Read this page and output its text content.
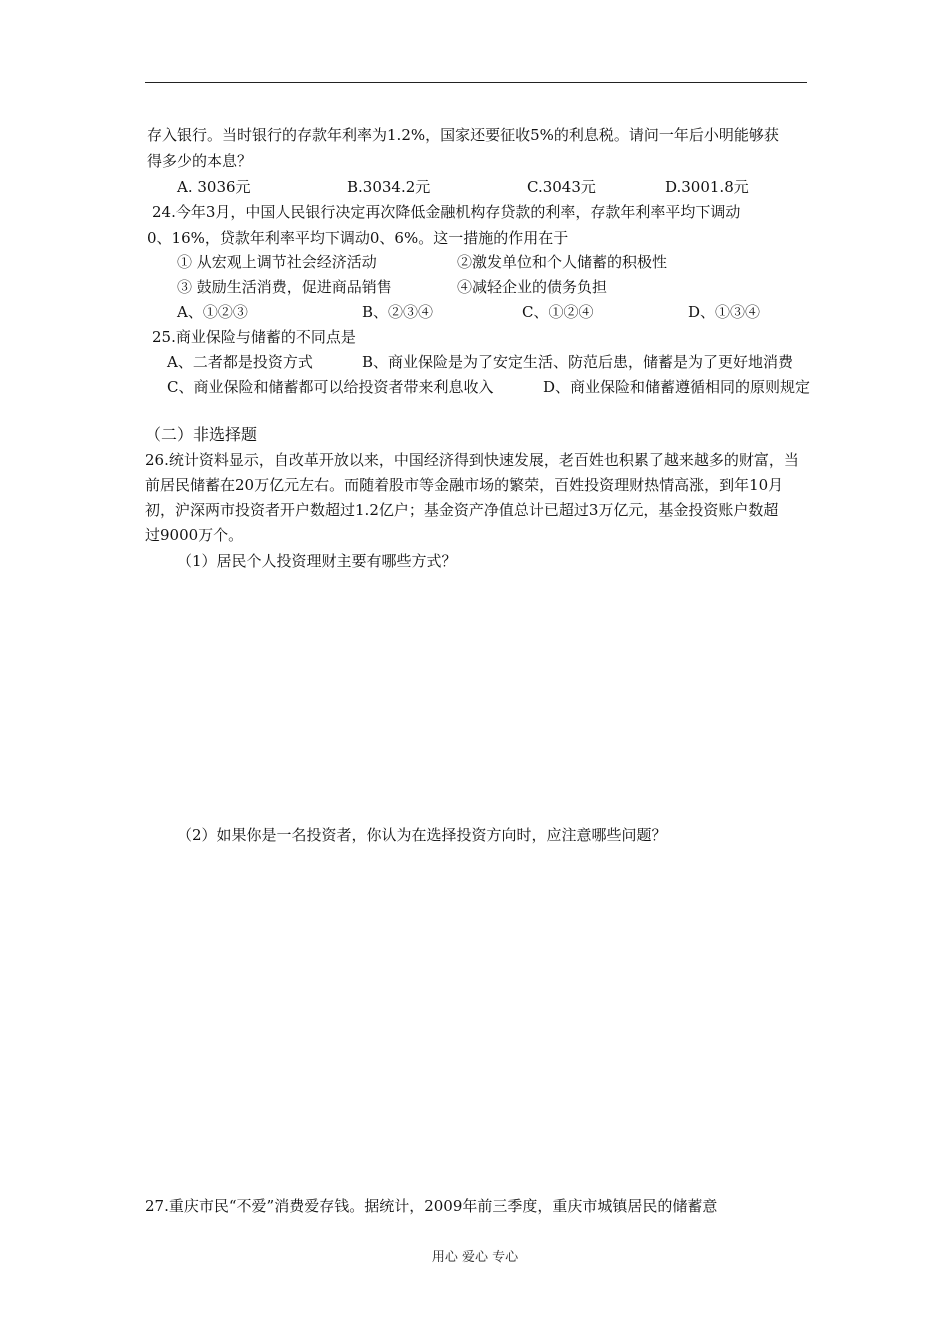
存入银行。当时银行的存款年利率为1.2%，国家还要征收5%的利息税。请问一年后小明能够获
得多少的本息？
A. 3036元	B.3034.2元	C.3043元	D.3001.8元
24.今年3月，中国人民银行决定再次降低金融机构存贷款的利率，存款年利率平均下调动
0、16%，贷款年利率平均下调动0、6%。这一措施的作用在于
① 从宏观上调节社会经济活动	②激发单位和个人储蓄的积极性
③ 鼓励生活消费，促进商品销售	④减轻企业的债务负担
A、①②③	B、②③④	C、①②④	D、①③④
25.商业保险与储蓄的不同点是
A、二者都是投资方式	B、商业保险是为了安定生活、防范后患，储蓄是为了更好地消费
C、商业保险和储蓄都可以给投资者带来利息收入	D、商业保险和储蓄遵循相同的原则规定
（二）非选择题
26.统计资料显示，自改革开放以来，中国经济得到快速发展，老百姓也积累了越来越多的财富，当
前居民储蓄在20万亿元左右。而随着股市等金融市场的繁荣，百姓投资理财热情高涨，到年10月
初，沪深两市投资者开户数超过1.2亿户；基金资产净值总计已超过3万亿元，基金投资账户数超
过9000万个。
（1）居民个人投资理财主要有哪些方式？
（2）如果你是一名投资者，你认为在选择投资方向时，应注意哪些问题？
27.重庆市民“不爱”消费爱存钱。据统计，2009年前三季度，重庆市城镇居民的储蓄意
用心 爱心 专心
